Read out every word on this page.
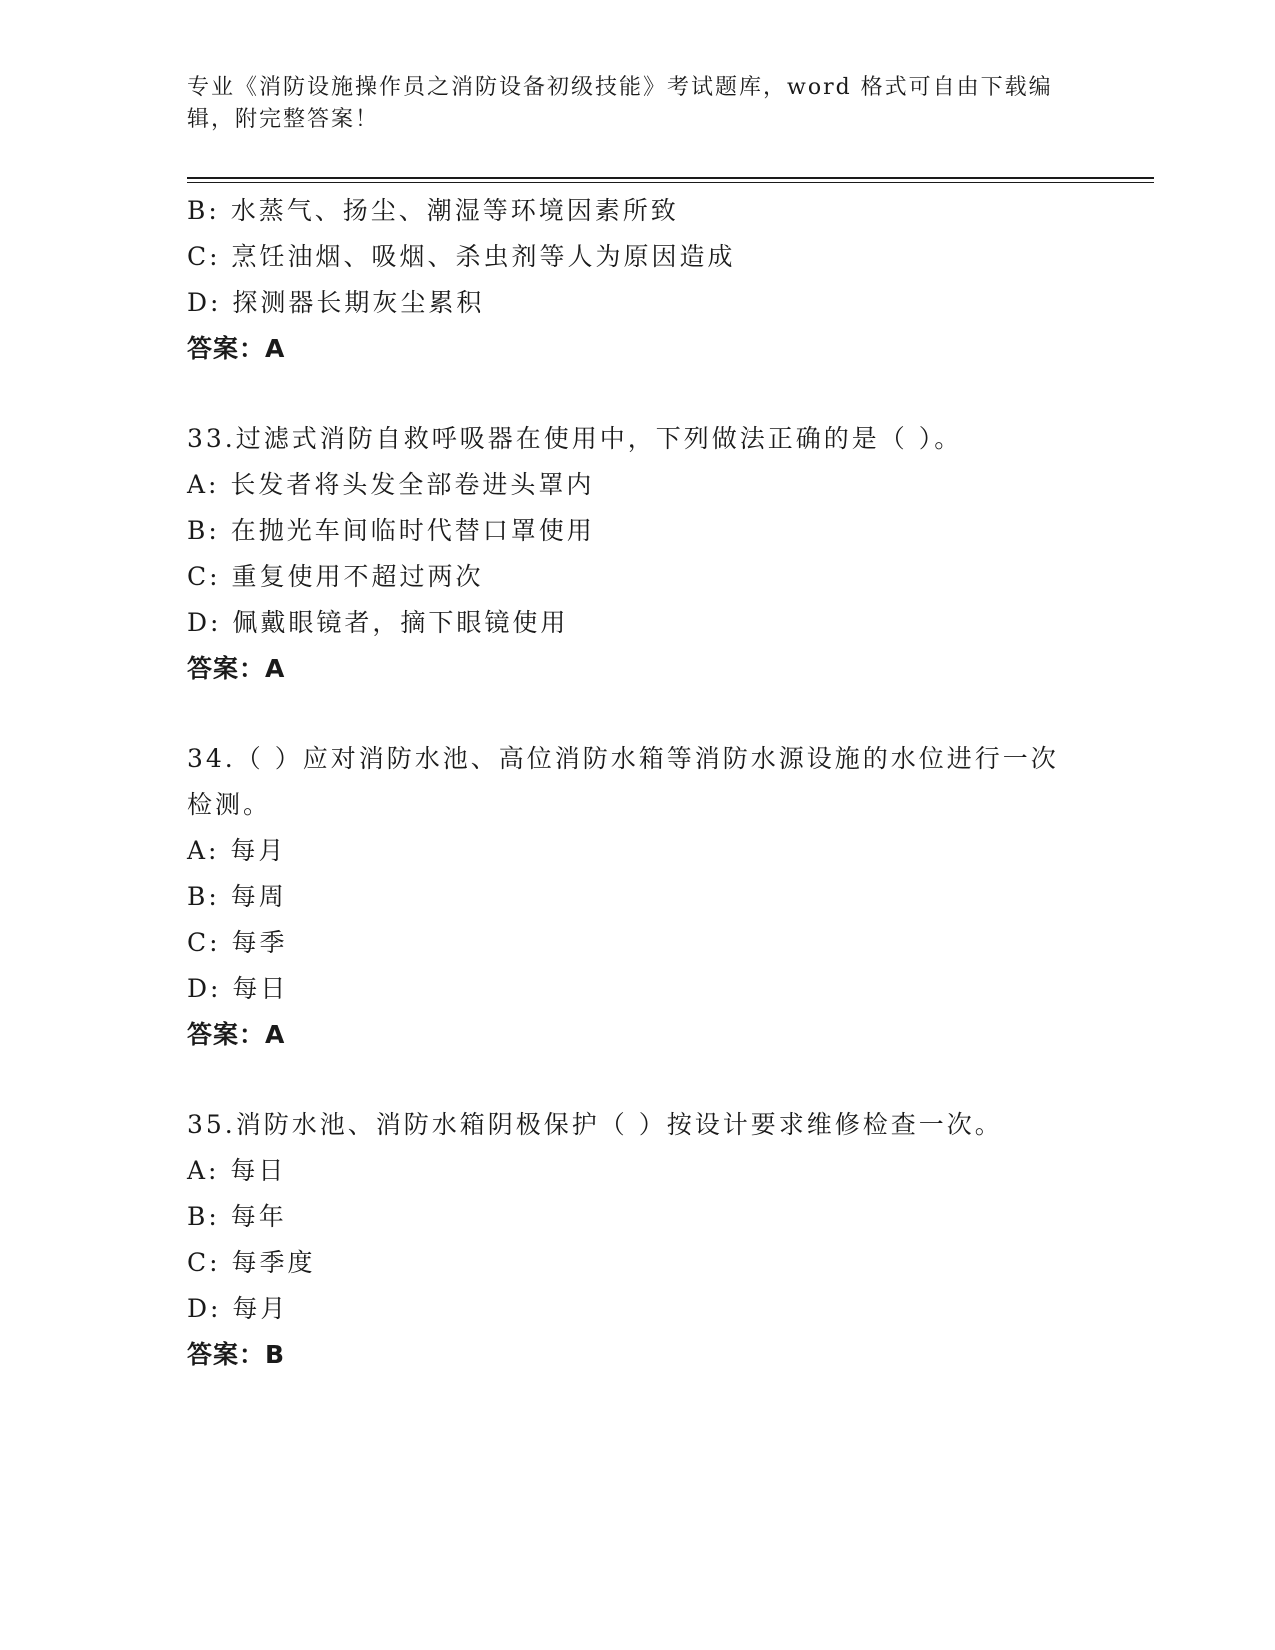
专业《消防设施操作员之消防设备初级技能》考试题库，word 格式可自由下载编辑，附完整答案！
B: 水蒸气、扬尘、潮湿等环境因素所致
C: 烹饪油烟、吸烟、杀虫剂等人为原因造成
D: 探测器长期灰尘累积
答案：A
33.过滤式消防自救呼吸器在使用中，下列做法正确的是（ ）。
A: 长发者将头发全部卷进头罩内
B: 在抛光车间临时代替口罩使用
C: 重复使用不超过两次
D: 佩戴眼镜者，摘下眼镜使用
答案：A
34.（ ）应对消防水池、高位消防水箱等消防水源设施的水位进行一次检测。
A: 每月
B: 每周
C: 每季
D: 每日
答案：A
35.消防水池、消防水箱阴极保护（ ）按设计要求维修检查一次。
A: 每日
B: 每年
C: 每季度
D: 每月
答案：B
